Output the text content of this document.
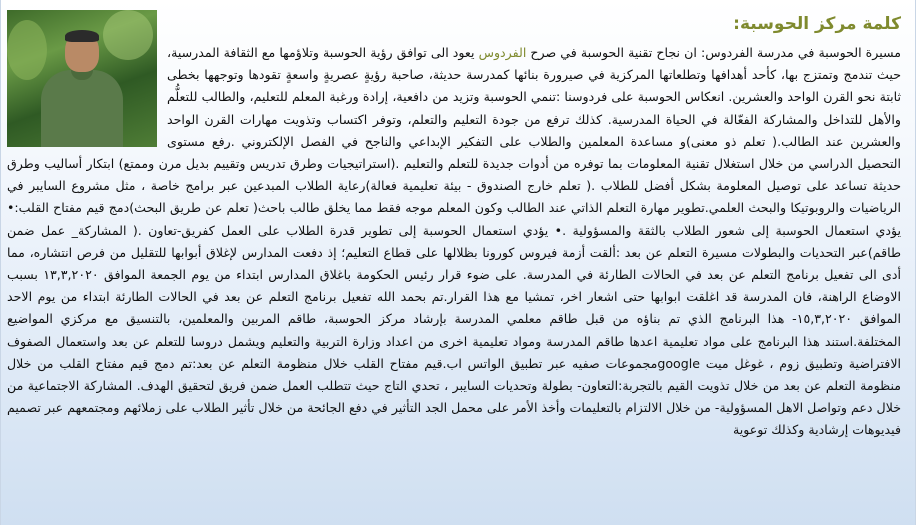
كلمة مركز الحوسبة:

مسيرة الحوسبة في مدرسة الفردوس: ان نجاح تقنية الحوسبة في صرح الفردوس يعود الى توافق رؤية الحوسبة وتلاؤمها مع الثقافة المدرسية، حيث تندمج وتمتزج بها، كأحد أهدافها وتطلعاتها المركزية في صيرورة بنائها كمدرسة حديثة، صاحبة رؤيةٍ عصريةٍ واسعةٍ تقودها وتوجهها بخطى ثابتة نحو القرن الواحد والعشرين. انعكاس الحوسبة على فردوسنا :تنمي الحوسبة وتزيد من دافعية، إرادة ورغبة المعلم للتعليم، والطالب للتعلُّم والأهل للتداخل والمشاركة الفعّالة في الحياة المدرسية. كذلك ترفع من جودة التعليم والتعلم، وتوفر اكتساب وتذويت مهارات القرن الواحد والعشرين عند الطالب.( تعلم ذو معنى)و مساعدة المعلمين والطلاب على التفكير الإبداعي والناجح في الفصل الإلكتروني .رفع مستوى التحصيل الدراسي من خلال استغلال تقنية المعلومات بما توفره من أدوات جديدة للتعلم والتعليم .(استراتيجيات وطرق تدريس وتقييم بديل مرن وممتع) ابتكار أساليب وطرق حديثة تساعد على توصيل المعلومة بشكل أفضل للطلاب .( تعلم خارج الصندوق - بيئة تعليمية فعالة)رعاية الطلاب المبدعين عبر برامج خاصة ، مثل مشروع السايبر في الرياضيات والروبوتيكا والبحث العلمي.تطوير مهارة التعلم الذاتي عند الطالب وكون المعلم موجه فقط مما يخلق طالب باحث( تعلم عن طريق البحث)دمج قيم مفتاح القلب:• يؤدي استعمال الحوسبة إلى شعور الطلاب بالثقة والمسؤولية .• يؤدي استعمال الحوسبة إلى تطوير قدرة الطلاب على العمل كفريق-تعاون .( المشاركة_ عمل ضمن طاقم)عبر التحديات والبطولات مسيرة التعلم عن بعد :ألقت أزمة فيروس كورونا بظلالها على قطاع التعليم؛ إذ دفعت المدارس لإغلاق أبوابها للتقليل من فرص انتشاره، مما أدى الى تفعيل برنامج التعلم عن بعد في الحالات الطارئة في المدرسة. على ضوء قرار رئيس الحكومة باغلاق المدارس ابتداء من يوم الجمعة الموافق ١٣,٣,٢٠٢٠ بسبب الاوضاع الراهنة، فان المدرسة قد اغلقت ابوابها حتى اشعار اخر، تمشيا مع هذا القرار.تم بحمد الله تفعيل برنامج التعلم عن بعد في الحالات الطارئة ابتداء من يوم الاحد الموافق ١٥,٣,٢٠٢٠- هذا البرنامج الذي تم بناؤه من قبل طاقم معلمي المدرسة بإرشاد مركز الحوسبة، طاقم المربين والمعلمين، بالتنسيق مع مركزي المواضيع المختلفة.استند هذا البرنامج على مواد تعليمية اعدها طاقم المدرسة ومواد تعليمية اخرى من اعداد وزارة التربية والتعليم ويشمل دروسا للتعلم عن بعد واستعمال الصفوف الافتراضية وتطبيق زوم ، غوغل ميت googleمجموعات صفيه عبر تطبيق الواتس اب.قيم مفتاح القلب خلال منظومة التعلم عن بعد:تم دمج قيم مفتاح القلب من خلال منظومة التعلم عن بعد من خلال تذويت القيم بالتجربة:التعاون- بطولة وتحديات السايبر ، تحدي التاج حيث تتطلب العمل ضمن فريق لتحقيق الهدف. المشاركة الاجتماعية من خلال دعم وتواصل الاهل المسؤولية- من خلال الالتزام بالتعليمات وأخذ الأمر على محمل الجد التأثير في دفع الجائحة من خلال تأثير الطلاب على زملائهم ومجتمعهم عبر تصميم فيديوهات إرشادية وكذلك توعوية
